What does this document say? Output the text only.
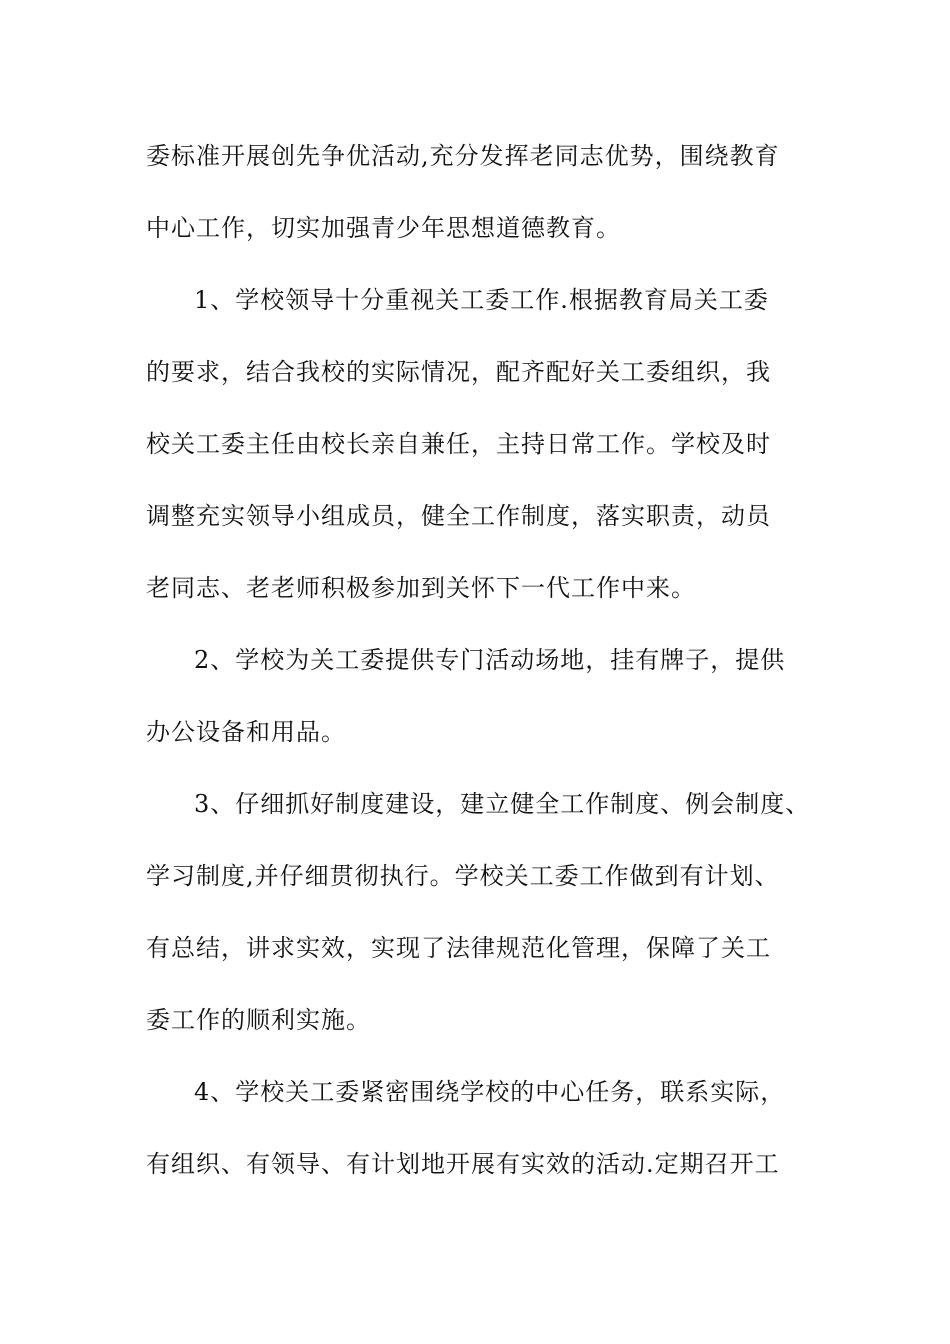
委标准开展创先争优活动,充分发挥老同志优势，围绕教育
中心工作，切实加强青少年思想道德教育。
1、学校领导十分重视关工委工作.根据教育局关工委
的要求，结合我校的实际情况，配齐配好关工委组织，我
校关工委主任由校长亲自兼任，主持日常工作。学校及时
调整充实领导小组成员，健全工作制度，落实职责，动员
老同志、老老师积极参加到关怀下一代工作中来。
2、学校为关工委提供专门活动场地，挂有牌子，提供
办公设备和用品。
3、仔细抓好制度建设，建立健全工作制度、例会制度、
学习制度,并仔细贯彻执行。学校关工委工作做到有计划、
有总结，讲求实效，实现了法律规范化管理，保障了关工
委工作的顺利实施。
4、学校关工委紧密围绕学校的中心任务，联系实际，
有组织、有领导、有计划地开展有实效的活动.定期召开工
